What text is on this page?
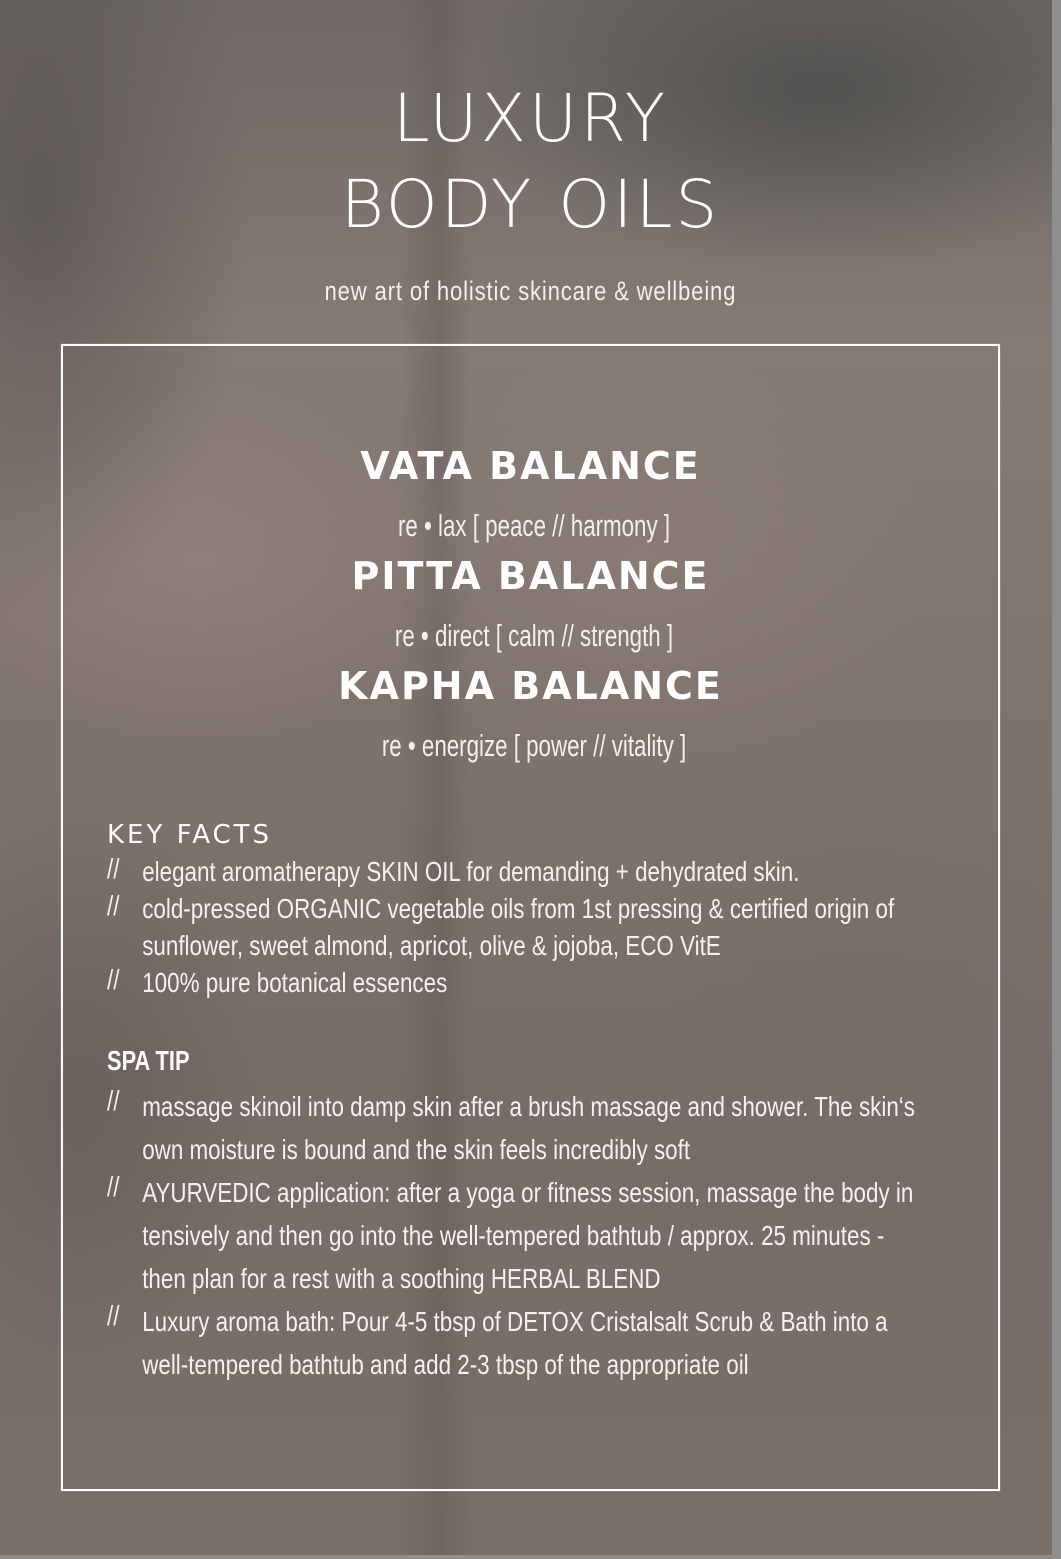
LUXURY
BODY OILS
new art of holistic skincare & wellbeing
VATA BALANCE
re • lax [ peace // harmony ]
PITTA BALANCE
re • direct [ calm // strength ]
KAPHA BALANCE
re • energize [ power // vitality ]
KEY FACTS
// elegant aromatherapy SKIN OIL for demanding + dehydrated skin.
// cold-pressed ORGANIC vegetable oils from 1st pressing & certified origin of
sunflower, sweet almond, apricot, olive & jojoba, ECO VitE
// 100% pure botanical essences
SPA TIP
// massage skinoil into damp skin after a brush massage and shower. The skin‘s
own moisture is bound and the skin feels incredibly soft
// AYURVEDIC application: after a yoga or fitness session, massage the body in
tensively and then go into the well-tempered bathtub / approx. 25 minutes -
then plan for a rest with a soothing HERBAL BLEND
// Luxury aroma bath: Pour 4-5 tbsp of DETOX Cristalsalt Scrub & Bath into a
well-tempered bathtub and add 2-3 tbsp of the appropriate oil
